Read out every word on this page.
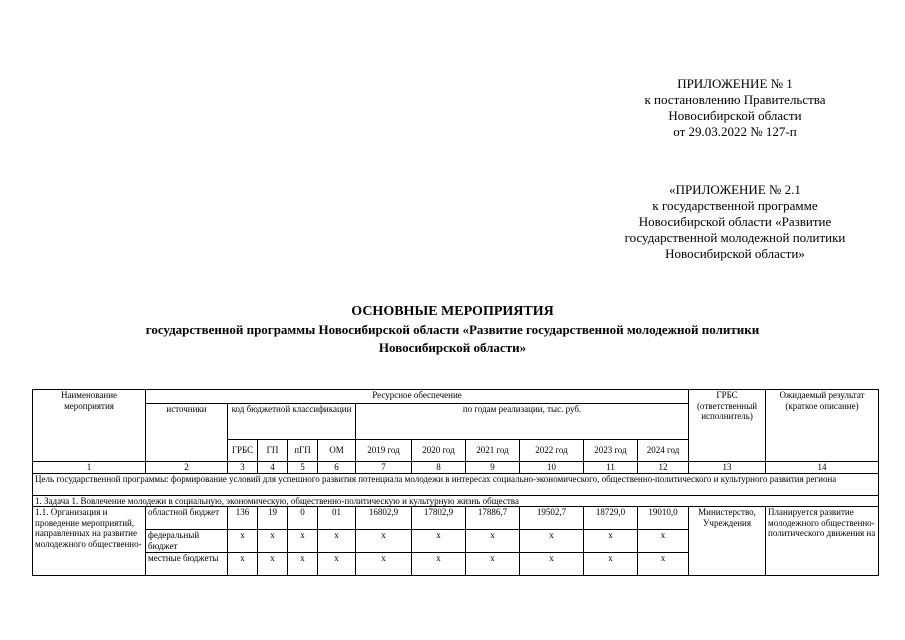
ПРИЛОЖЕНИЕ № 1
к постановлению Правительства
Новосибирской области
от 29.03.2022 № 127-п
«ПРИЛОЖЕНИЕ № 2.1
к государственной программе
Новосибирской области «Развитие
государственной молодежной политики
Новосибирской области»
ОСНОВНЫЕ МЕРОПРИЯТИЯ
государственной программы Новосибирской области «Развитие государственной молодежной политики
Новосибирской области»
Наименование мероприятия	Ресурсное обеспечение											ГРБС (ответственный исполнитель)	Ожидаемый результат (краткое описание)
	источники	код бюджетной классификации				по годам реализации, тыс. руб.							
		ГРБС	ГП	пГП	ОМ	2019 год	2020 год	2021 год	2022 год	2023 год	2024 год		
1	2	3	4	5	6	7	8	9	10	11	12	13	14
Цель государственной программы: формирование условий для успешного развития потенциала молодежи в интересах социально-экономического, общественно-политического и культурного развития региона													
1. Задача 1. Вовлечение молодежи в социальную, экономическую, общественно-политическую и культурную жизнь общества													
1.1. Организация и проведение мероприятий, направленных на развитие молодежного общественно-	областной бюджет	136	19	0	01	16802,9	17802,9	17886,7	19502,7	18729,0	19010,0	Министерство, Учреждения	Планируется развитие молодежного общественно-политического движения на
	федеральный бюджет	x	x	x	x	x	x	x	x	x	x		
	местные бюджеты	x	x	x	x	x	x	x	x	x	x		
